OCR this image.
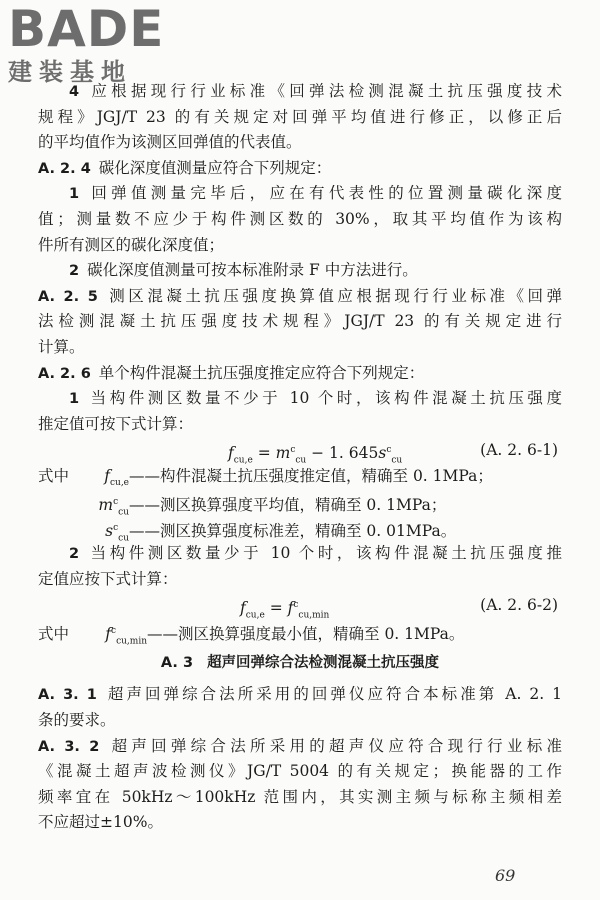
BADE
建装基地
4 应根据现行行业标准《回弹法检测混凝土抗压强度技术
规程》JGJ/T 23 的有关规定对回弹平均值进行修正，以修正后
的平均值作为该测区回弹值的代表值。
A. 2. 4 碳化深度值测量应符合下列规定：
1 回弹值测量完毕后，应在有代表性的位置测量碳化深度
值；测量数不应少于构件测区数的 30%，取其平均值作为该构
件所有测区的碳化深度值；
2 碳化深度值测量可按本标准附录 F 中方法进行。
A. 2. 5 测区混凝土抗压强度换算值应根据现行行业标准《回弹
法检测混凝土抗压强度技术规程》JGJ/T 23 的有关规定进行
计算。
A. 2. 6 单个构件混凝土抗压强度推定应符合下列规定：
1 当构件测区数量不少于 10 个时，该构件混凝土抗压强度
推定值可按下式计算：
$f_{cu,e} = m^c_{cu} - 1$. $645s^c_{cu}$
(A. 2. 6-1)
式中 $f_{cu,e}——$构件混凝土抗压强度推定值，精确至 0. 1MPa；
$m^c_{cu}——$测区换算强度平均值，精确至 0. 1MPa；
$s^c_{cu}——$测区换算强度标准差，精确至 0. 01MPa。
2 当构件测区数量少于 10 个时，该构件混凝土抗压强度推
定值应按下式计算：
$f_{cu,e} = f^c_{cu,min}$
(A. 2. 6-2)
式中 $f^c_{cu,min}——$测区换算强度最小值，精确至 0. 1MPa。
A. 3 超声回弹综合法检测混凝土抗压强度
A. 3. 1 超声回弹综合法所采用的回弹仪应符合本标准第 A. 2. 1
条的要求。
A. 3. 2 超声回弹综合法所采用的超声仪应符合现行行业标准
《混凝土超声波检测仪》JG/T 5004 的有关规定；换能器的工作
频率宜在 50kHz～100kHz 范围内，其实测主频与标称主频相差
不应超过±10%。
69
